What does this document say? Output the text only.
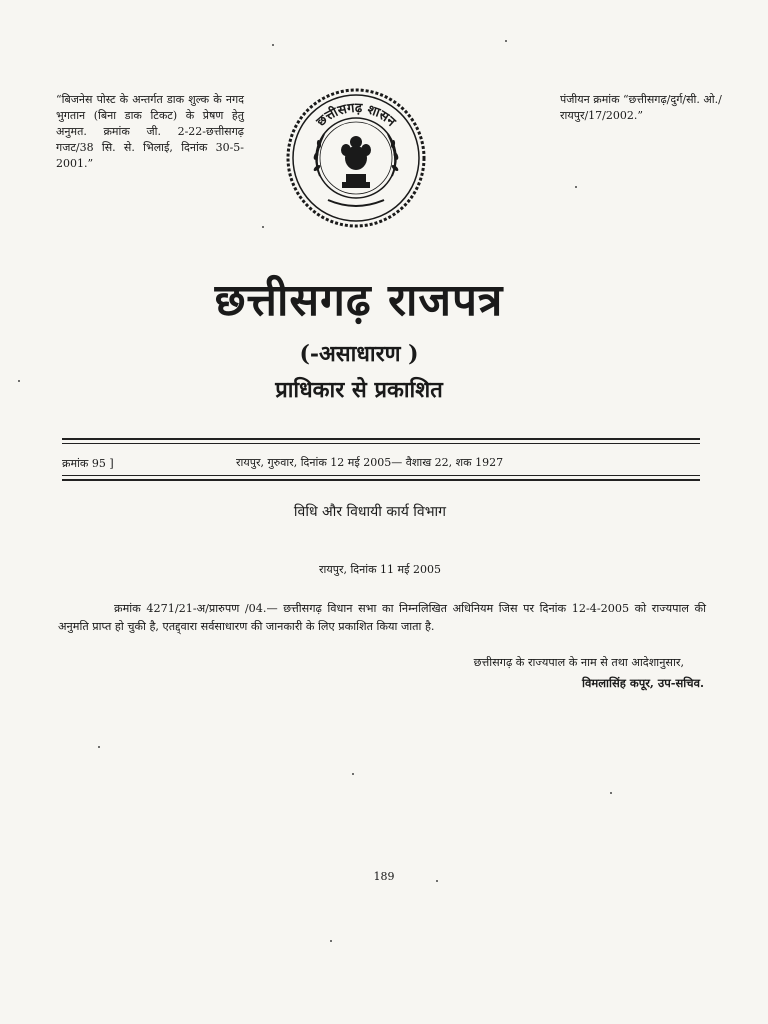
“बिजनेस पोस्ट के अन्तर्गत डाक शुल्क के नगद भुगतान (बिना डाक टिकट) के प्रेषण हेतु अनुमत. क्रमांक जी. 2-22-छत्तीसगढ़ गजट/38 सि. से. भिलाई, दिनांक 30-5-2001.”
छत्तीसगढ़ शासन
पंजीयन क्रमांक “छत्तीसगढ़/दुर्ग/सी. ओ./रायपुर/17/2002.”
छत्तीसगढ़ राजपत्र
(-असाधारण )
प्राधिकार से प्रकाशित
क्रमांक 95 ]	रायपुर, गुरुवार, दिनांक 12 मई 2005— वैशाख 22, शक 1927
विधि और विधायी कार्य विभाग
रायपुर, दिनांक 11 मई 2005
क्रमांक 4271/21-अ/प्रारुपण /04.— छत्तीसगढ़ विधान सभा का निम्नलिखित अधिनियम जिस पर दिनांक 12-4-2005 को राज्यपाल की अनुमति प्राप्त हो चुकी है, एतद्द्वारा सर्वसाधारण की जानकारी के लिए प्रकाशित किया जाता है.
छत्तीसगढ़ के राज्यपाल के नाम से तथा आदेशानुसार,
विमलासिंह कपूर, उप-सचिव.
189
